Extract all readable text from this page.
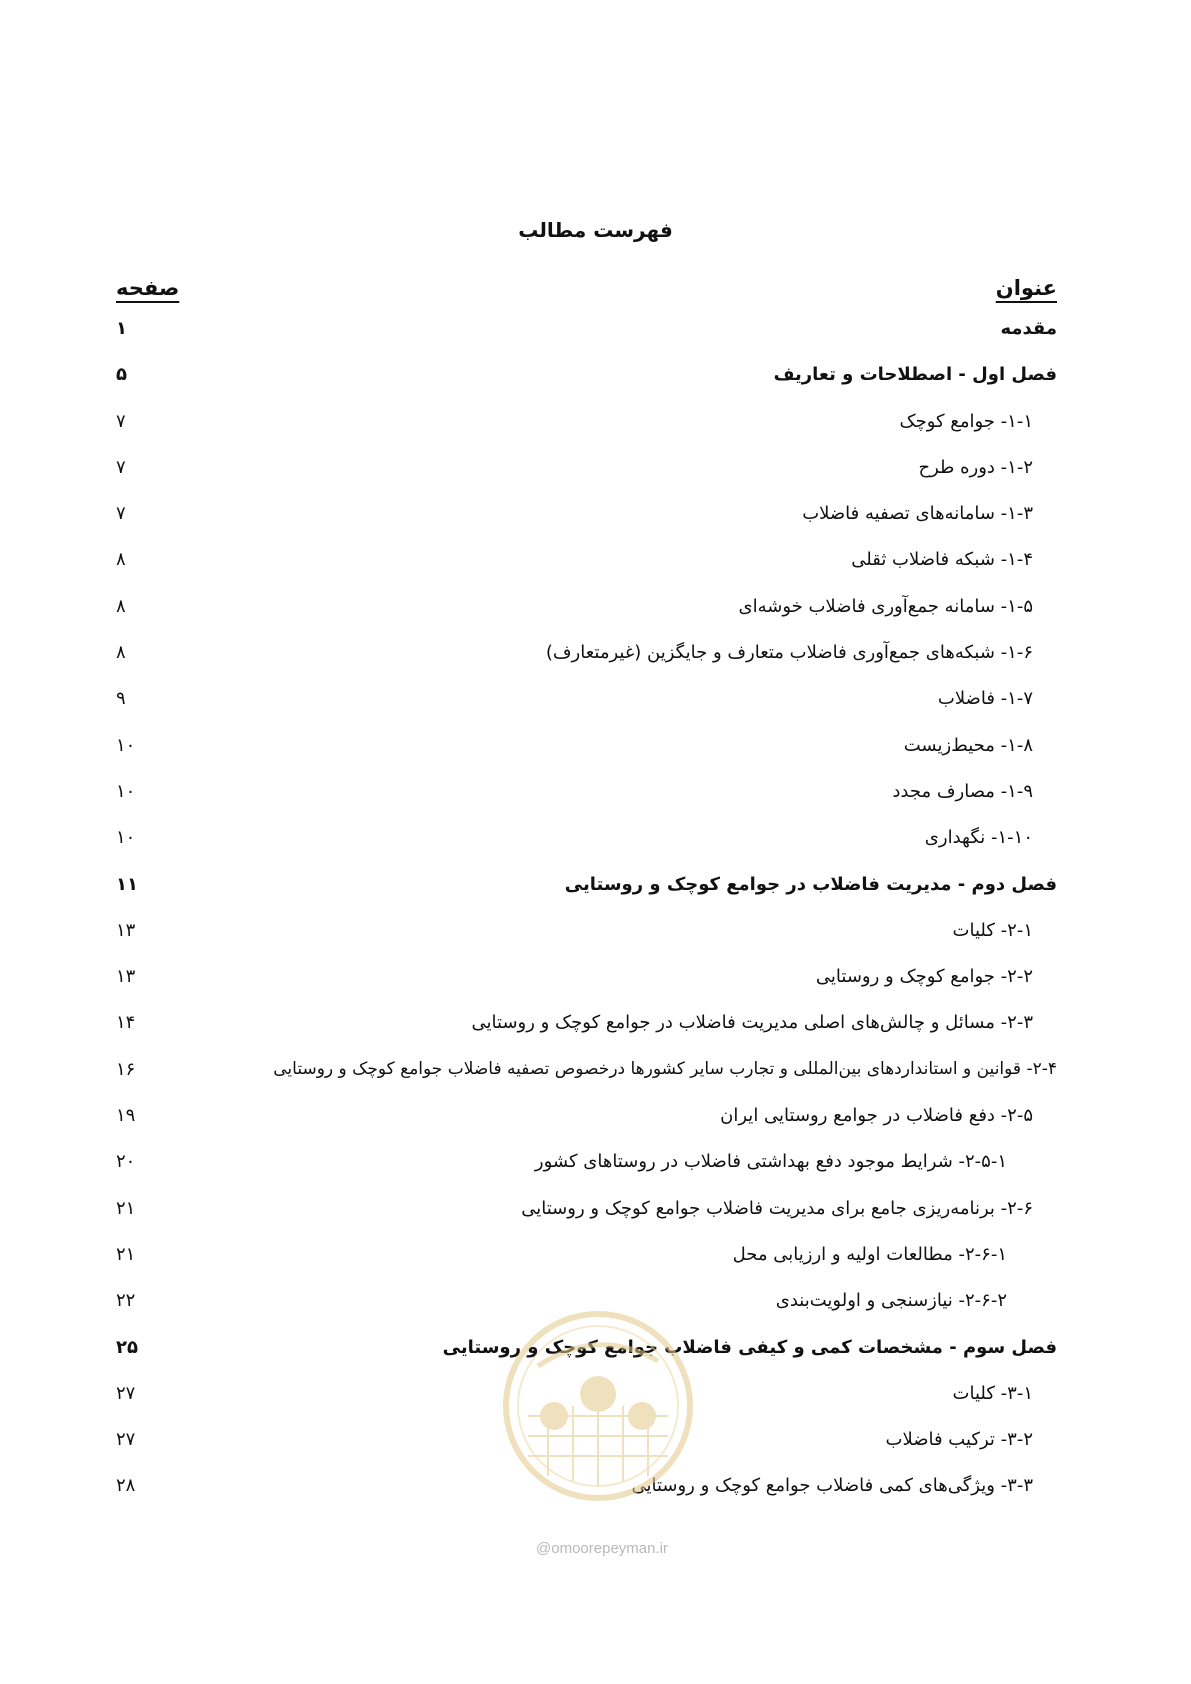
فهرست مطالب
عنوان
صفحه
مقدمه
۱
فصل اول - اصطلاحات و تعاریف
۵
۱-۱- جوامع کوچک
۷
۱-۲- دوره طرح
۷
۱-۳- سامانه‌های تصفیه فاضلاب
۷
۱-۴- شبکه فاضلاب ثقلی
۸
۱-۵- سامانه جمع‌آوری فاضلاب خوشه‌ای
۸
۱-۶- شبکه‌های جمع‌آوری فاضلاب متعارف و جایگزین (غیرمتعارف)
۸
۱-۷- فاضلاب
۹
۱-۸- محیط‌زیست
۱۰
۱-۹- مصارف مجدد
۱۰
۱-۱۰- نگهداری
۱۰
فصل دوم - مدیریت فاضلاب در جوامع کوچک و روستایی
۱۱
۲-۱- کلیات
۱۳
۲-۲- جوامع کوچک و روستایی
۱۳
۲-۳- مسائل و چالش‌های اصلی مدیریت فاضلاب در جوامع کوچک و روستایی
۱۴
۲-۴- قوانین و استانداردهای بین‌المللی و تجارب سایر کشورها درخصوص تصفیه فاضلاب جوامع کوچک و روستایی
۱۶
۲-۵- دفع فاضلاب در جوامع روستایی ایران
۱۹
۲-۵-۱- شرایط موجود دفع بهداشتی فاضلاب در روستاهای کشور
۲۰
۲-۶- برنامه‌ریزی جامع برای مدیریت فاضلاب جوامع کوچک و روستایی
۲۱
۲-۶-۱- مطالعات اولیه و ارزیابی محل
۲۱
۲-۶-۲- نیازسنجی و اولویت‌بندی
۲۲
فصل سوم - مشخصات کمی و کیفی فاضلاب جوامع کوچک و روستایی
۲۵
۳-۱- کلیات
۲۷
۳-۲- ترکیب فاضلاب
۲۷
۳-۳- ویژگی‌های کمی فاضلاب جوامع کوچک و روستایی
۲۸
@omoorepeyman.ir
